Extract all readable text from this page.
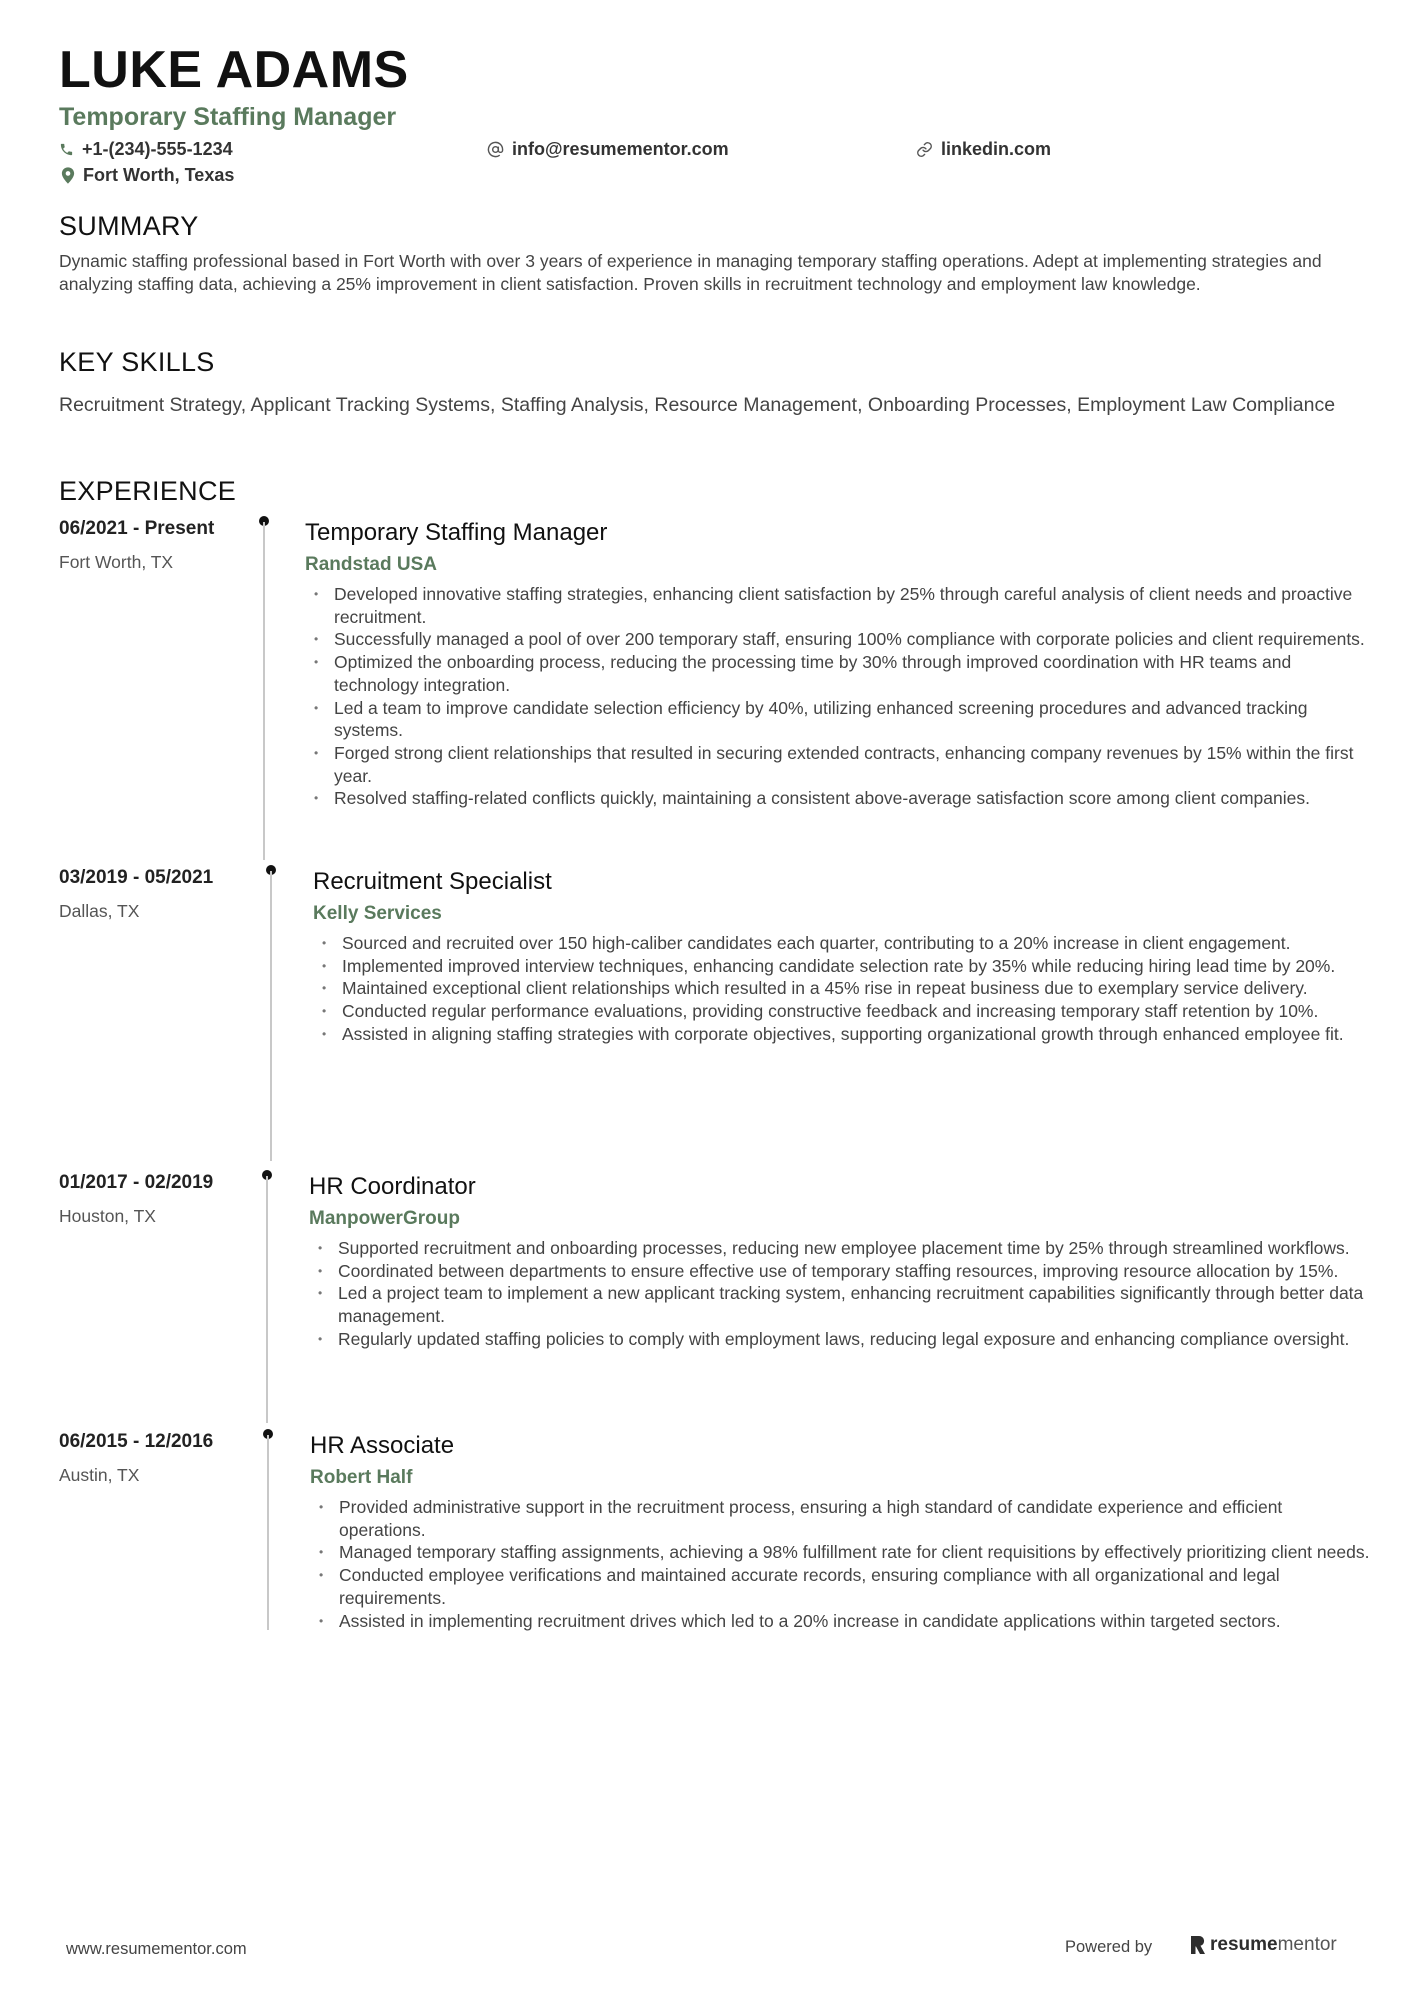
LUKE ADAMS
Temporary Staffing Manager
+1-(234)-555-1234	info@resumementor.com	linkedin.com
Fort Worth, Texas
SUMMARY

Dynamic staffing professional based in Fort Worth with over 3 years of experience in managing temporary staffing operations. Adept at implementing strategies and analyzing staffing data, achieving a 25% improvement in client satisfaction. Proven skills in recruitment technology and employment law knowledge.

KEY SKILLS

Recruitment Strategy, Applicant Tracking Systems, Staffing Analysis, Resource Management, Onboarding Processes, Employment Law Compliance

EXPERIENCE
06/2021 - Present
Fort Worth, TX
Temporary Staffing Manager
Randstad USA
• Developed innovative staffing strategies, enhancing client satisfaction by 25% through careful analysis of client needs and proactive recruitment.
• Successfully managed a pool of over 200 temporary staff, ensuring 100% compliance with corporate policies and client requirements.
• Optimized the onboarding process, reducing the processing time by 30% through improved coordination with HR teams and technology integration.
• Led a team to improve candidate selection efficiency by 40%, utilizing enhanced screening procedures and advanced tracking systems.
• Forged strong client relationships that resulted in securing extended contracts, enhancing company revenues by 15% within the first year.
• Resolved staffing-related conflicts quickly, maintaining a consistent above-average satisfaction score among client companies.
03/2019 - 05/2021
Dallas, TX
Recruitment Specialist
Kelly Services
• Sourced and recruited over 150 high-caliber candidates each quarter, contributing to a 20% increase in client engagement.
• Implemented improved interview techniques, enhancing candidate selection rate by 35% while reducing hiring lead time by 20%.
• Maintained exceptional client relationships which resulted in a 45% rise in repeat business due to exemplary service delivery.
• Conducted regular performance evaluations, providing constructive feedback and increasing temporary staff retention by 10%.
• Assisted in aligning staffing strategies with corporate objectives, supporting organizational growth through enhanced employee fit.
01/2017 - 02/2019
Houston, TX
HR Coordinator
ManpowerGroup
• Supported recruitment and onboarding processes, reducing new employee placement time by 25% through streamlined workflows.
• Coordinated between departments to ensure effective use of temporary staffing resources, improving resource allocation by 15%.
• Led a project team to implement a new applicant tracking system, enhancing recruitment capabilities significantly through better data management.
• Regularly updated staffing policies to comply with employment laws, reducing legal exposure and enhancing compliance oversight.
06/2015 - 12/2016
Austin, TX
HR Associate
Robert Half
• Provided administrative support in the recruitment process, ensuring a high standard of candidate experience and efficient operations.
• Managed temporary staffing assignments, achieving a 98% fulfillment rate for client requisitions by effectively prioritizing client needs.
• Conducted employee verifications and maintained accurate records, ensuring compliance with all organizational and legal requirements.
• Assisted in implementing recruitment drives which led to a 20% increase in candidate applications within targeted sectors.
www.resumementor.com	Powered by	resume mentor
